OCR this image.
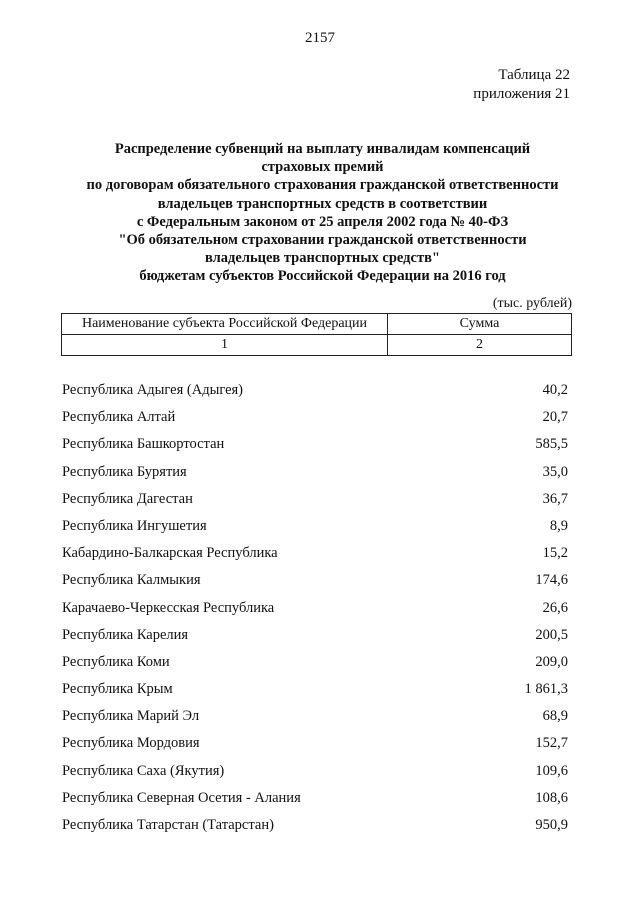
2157
Таблица 22
приложения 21
Распределение субвенций на выплату инвалидам компенсаций
страховых премий
по договорам обязательного страхования гражданской ответственности
владельцев транспортных средств в соответствии
с Федеральным законом от 25 апреля 2002 года № 40-ФЗ
"Об обязательном страховании гражданской ответственности
владельцев транспортных средств"
бюджетам субъектов Российской Федерации на 2016 год
(тыс. рублей)
Наименование субъекта Российской Федерации	Сумма
1	2
Республика Адыгея (Адыгея)	40,2
Республика Алтай	20,7
Республика Башкортостан	585,5
Республика Бурятия	35,0
Республика Дагестан	36,7
Республика Ингушетия	8,9
Кабардино-Балкарская Республика	15,2
Республика Калмыкия	174,6
Карачаево-Черкесская Республика	26,6
Республика Карелия	200,5
Республика Коми	209,0
Республика Крым	1 861,3
Республика Марий Эл	68,9
Республика Мордовия	152,7
Республика Саха (Якутия)	109,6
Республика Северная Осетия - Алания	108,6
Республика Татарстан (Татарстан)	950,9
